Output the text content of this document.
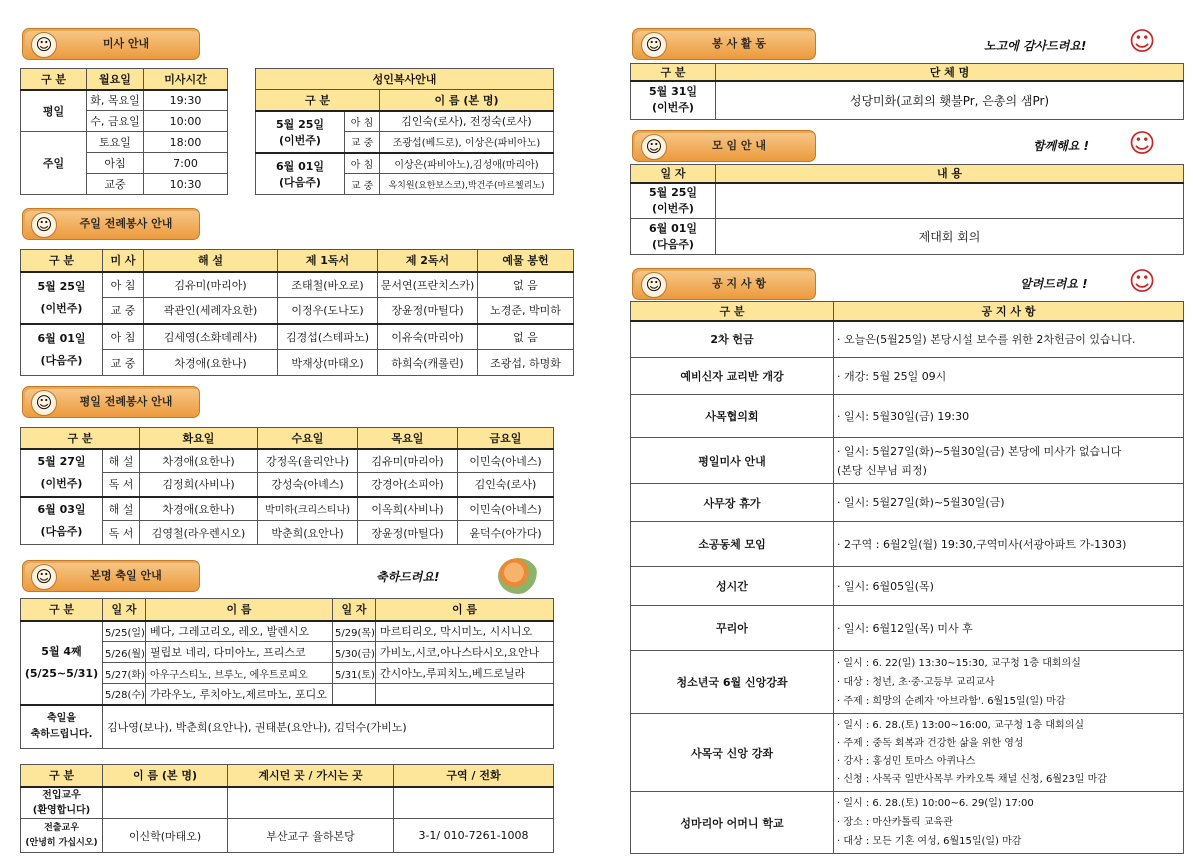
☺	미사 안내
구 분	월요일	미사시간
평일	화, 목요일	19:30
	수, 금요일	10:00
주일	토요일	18:00
	아침	7:00
	교중	10:30
성인복사안내		
구 분		이 름 (본 명)

5월 25일
(이번주)	아 침	김인숙(로사), 전정숙(로사)
	교 중	조광섭(베드로), 이상은(파비아노)

6월 01일
(다음주)	아 침	이상은(파비아노),김성애(마리아)
	교 중	옥치원(요한보스코),박건주(마르첼리노)
☺	주일 전례봉사 안내
구 분	미 사	해 설	제 1독서	제 2독서	예물 봉헌

5월 25일
(이번주)	아 침	김유미(마리아)	조태철(바오로)	문서연(프란치스카)	없 음
	교 중	곽관인(세례자요한)	이정우(도나도)	장윤정(마틸다)	노경준, 박미하

6월 01일
(다음주)	아 침	김세영(소화데레사)	김경섭(스테파노)	이유숙(마리아)	없 음
	교 중	차경애(요한나)	박재상(마태오)	하희숙(캐롤린)	조광섭, 하명화
☺	평일 전례봉사 안내
구 분		화요일	수요일	목요일	금요일

5월 27일
(이번주)	해 설	차경애(요한나)	강정옥(율리안나)	김유미(마리아)	이민숙(아네스)
	독 서	김정희(사비나)	강성숙(아녜스)	강경아(소피아)	김인숙(로사)

6월 03일
(다음주)	해 설	차경애(요한나)	박미하(크리스티나)	이옥희(사비나)	이민숙(아네스)
	독 서	김영철(라우렌시오)	박춘희(요안나)	장윤정(마틸다)	윤덕수(아가다)
☺	본명 축일 안내	축하드려요!
구 분	일 자	이 름	일 자	이 름

5월 4째
(5/25~5/31)	5/25(일)	베다, 그레고리오, 레오, 발렌시오	5/29(목)	마르티리오, 막시미노, 시시니오
	5/26(월)	필립보 네리, 다미아노, 프리스코	5/30(금)	가비노,시코,아나스타시오,요안나
	5/27(화)	아우구스티노, 브루노, 에우트로피오	5/31(토)	간시아노,루피치노,베드로닐라
	5/28(수)	가라우노, 루치아노,제르마노, 포디오		

축일을
축하드립니다.	김나영(보나), 박춘희(요안나), 권태분(요안나), 김덕수(가비노)			
구 분	이 름 (본 명)	계시던 곳 / 가시는 곳	구역 / 전화

전입교우
(환영합니다)			

전출교우
(안녕히 가십시오)	이신학(마태오)	부산교구 율하본당	3-1/ 010-7261-1008
☺	봉 사 활 동	노고에 감사드려요! ☺
구 분	단 체 명

5월 31일
(이번주)	성당미화(교회의 횃불Pr, 은총의 샘Pr)
☺	모 임 안 내	함께해요 ! ☺
일 자	내 용

5월 25일
(이번주)	

6월 01일
(다음주)	제대회 회의
☺	공 지 사 항	알려드려요 ! ☺
구 분	공 지 사 항
2차 헌금	· 오늘은(5월25일) 본당시설 보수를 위한 2차헌금이 있습니다.

예비신자 교리반 개강	· 개강: 5월 25일 09시

사목협의회	· 일시: 5월30일(금) 19:30

평일미사 안내	· 일시: 5월27일(화)~5월30일(금) 본당에 미사가 없습니다
(본당 신부님 피정)

사무장 휴가	· 일시: 5월27일(화)~5월30일(금)

소공동체 모임	· 2구역 : 6월2일(월) 19:30,구역미사(서광아파트 가-1303)

성시간	· 일시: 6월05일(목)

꾸리아	· 일시: 6월12일(목) 미사 후

청소년국 6월 신앙강좌	· 일시 : 6. 22(일) 13:30~15:30, 교구청 1층 대회의실
· 대상 : 청년, 초·중·고등부 교리교사
· 주제 : 희망의 순례자 '아브라함'. 6월15일(일) 마감

사목국 신앙 강좌	· 일시 : 6. 28.(토) 13:00~16:00, 교구청 1층 대회의실
· 주제 : 중독 회복과 건강한 삶을 위한 영성
· 강사 : 홍성민 토마스 아퀴나스
· 신청 : 사목국 일반사목부 카카오톡 채널 신청, 6월23일 마감

성마리아 어머니 학교	· 일시 : 6. 28.(토) 10:00~6. 29(일) 17:00
· 장소 : 마산카톨릭 교육관
· 대상 : 모든 기혼 여성, 6월15일(일) 마감
